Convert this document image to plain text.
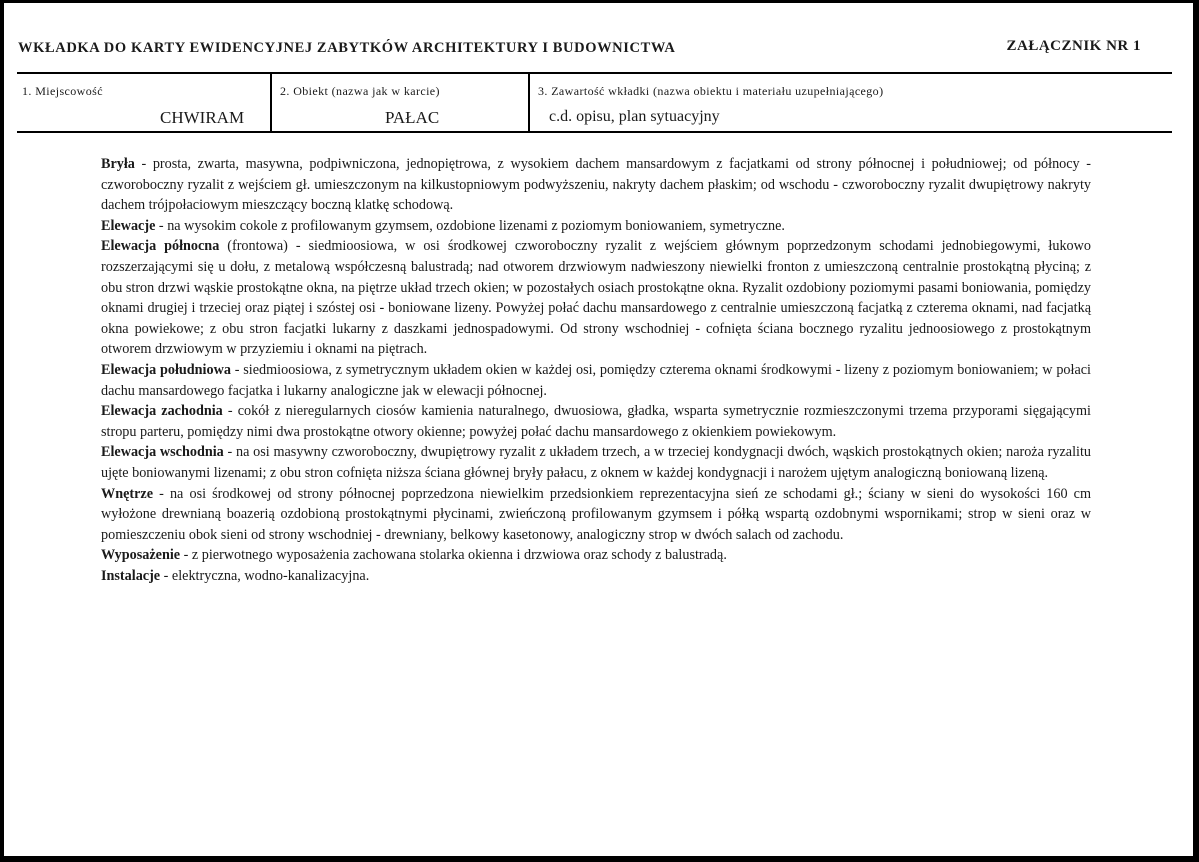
WKŁADKA DO KARTY EWIDENCYJNEJ ZABYTKÓW ARCHITEKTURY I BUDOWNICTWA	ZAŁĄCZNIK NR 1
1. Miejscowość
CHWIRAM
2. Obiekt (nazwa jak w karcie)
PAŁAC
3. Zawartość wkładki (nazwa obiektu i materiału uzupełniającego)
c.d. opisu, plan sytuacyjny

Bryła - prosta, zwarta, masywna, podpiwniczona, jednopiętrowa, z wysokiem dachem mansardowym z facjatkami od strony północnej i południowej; od północy - czworoboczny ryzalit z wejściem gł. umieszczonym na kilkustopniowym podwyższeniu, nakryty dachem płaskim; od wschodu - czworoboczny ryzalit dwupiętrowy nakryty dachem trójpołaciowym mieszczący boczną klatkę schodową.

Elewacje - na wysokim cokole z profilowanym gzymsem, ozdobione lizenami z poziomym boniowaniem, symetryczne.

Elewacja północna (frontowa) - siedmioosiowa, w osi środkowej czworoboczny ryzalit z wejściem głównym poprzedzonym schodami jednobiegowymi, łukowo rozszerzającymi się u dołu, z metalową współczesną balustradą; nad otworem drzwiowym nadwieszony niewielki fronton z umieszczoną centralnie prostokątną płyciną; z obu stron drzwi wąskie prostokątne okna, na piętrze układ trzech okien; w pozostałych osiach prostokątne okna. Ryzalit ozdobiony poziomymi pasami boniowania, pomiędzy oknami drugiej i trzeciej oraz piątej i szóstej osi - boniowane lizeny. Powyżej połać dachu mansardowego z centralnie umieszczoną facjatką z czterema oknami, nad facjatką okna powiekowe; z obu stron facjatki lukarny z daszkami jednospadowymi. Od strony wschodniej - cofnięta ściana bocznego ryzalitu jednoosiowego z prostokątnym otworem drzwiowym w przyziemiu i oknami na piętrach.

Elewacja południowa - siedmioosiowa, z symetrycznym układem okien w każdej osi, pomiędzy czterema oknami środkowymi - lizeny z poziomym boniowaniem; w połaci dachu mansardowego facjatka i lukarny analogiczne jak w elewacji północnej.

Elewacja zachodnia - cokół z nieregularnych ciosów kamienia naturalnego, dwuosiowa, gładka, wsparta symetrycznie rozmieszczonymi trzema przyporami sięgającymi stropu parteru, pomiędzy nimi dwa prostokątne otwory okienne; powyżej połać dachu mansardowego z okienkiem powiekowym.

Elewacja wschodnia - na osi masywny czworoboczny, dwupiętrowy ryzalit z układem trzech, a w trzeciej kondygnacji dwóch, wąskich prostokątnych okien; naroża ryzalitu ujęte boniowanymi lizenami; z obu stron cofnięta niższa ściana głównej bryły pałacu, z oknem w każdej kondygnacji i narożem ujętym analogiczną boniowaną lizeną.

Wnętrze - na osi środkowej od strony północnej poprzedzona niewielkim przedsionkiem reprezentacyjna sień ze schodami gł.; ściany w sieni do wysokości 160 cm wyłożone drewnianą boazerią ozdobioną prostokątnymi płycinami, zwieńczoną profilowanym gzymsem i półką wspartą ozdobnymi wspornikami; strop w sieni oraz w pomieszczeniu obok sieni od strony wschodniej - drewniany, belkowy kasetonowy, analogiczny strop w dwóch salach od zachodu.

Wyposażenie - z pierwotnego wyposażenia zachowana stolarka okienna i drzwiowa oraz schody z balustradą.

Instalacje - elektryczna, wodno-kanalizacyjna.
